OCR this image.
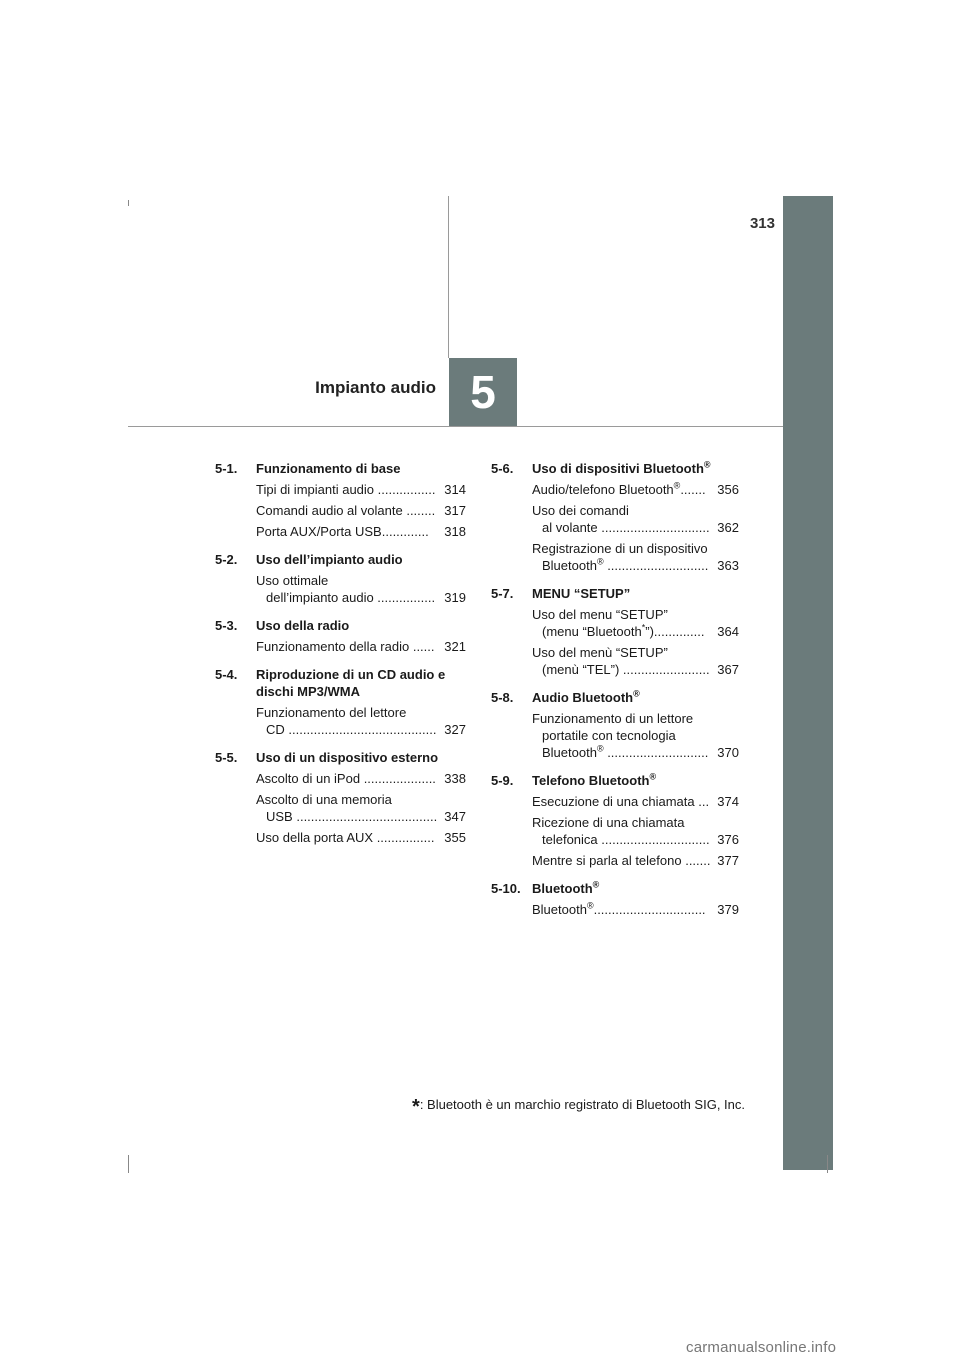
5
313
Impianto audio
5-1. Funzionamento di base
Tipi di impianti audio ................ 314
Comandi audio al volante ........ 317
Porta AUX/Porta USB.............	318
5-2. Uso dell’impianto audio
Uso ottimale
dell’impianto audio ................ 319
5-3. Uso della radio
Funzionamento della radio ...... 321
5-4. Riproduzione di un CD audio e
dischi MP3/WMA
Funzionamento del lettore
CD ......................................... 327
5-5. Uso di un dispositivo esterno
Ascolto di un iPod .................... 338
Ascolto di una memoria
USB ....................................... 347
Uso della porta AUX ................ 355
5-6. Uso di dispositivi Bluetooth®
Audio/telefono Bluetooth®....... 356
Uso dei comandi
al volante .............................. 362
Registrazione di un dispositivo
Bluetooth® ............................ 363
5-7. MENU “SETUP”
Uso del menu “SETUP”
(menu “Bluetooth*”).............. 364
Uso del menù “SETUP”
(menù “TEL”) ........................ 367
5-8. Audio Bluetooth®
Funzionamento di un lettore
portatile con tecnologia
Bluetooth® ............................ 370
5-9. Telefono Bluetooth®
Esecuzione di una chiamata ... 374
Ricezione di una chiamata
telefonica .............................. 376
Mentre si parla al telefono ....... 377
5-10. Bluetooth®
Bluetooth®............................... 379
*: Bluetooth è un marchio registrato di Bluetooth SIG, Inc.
carmanualsonline.info
